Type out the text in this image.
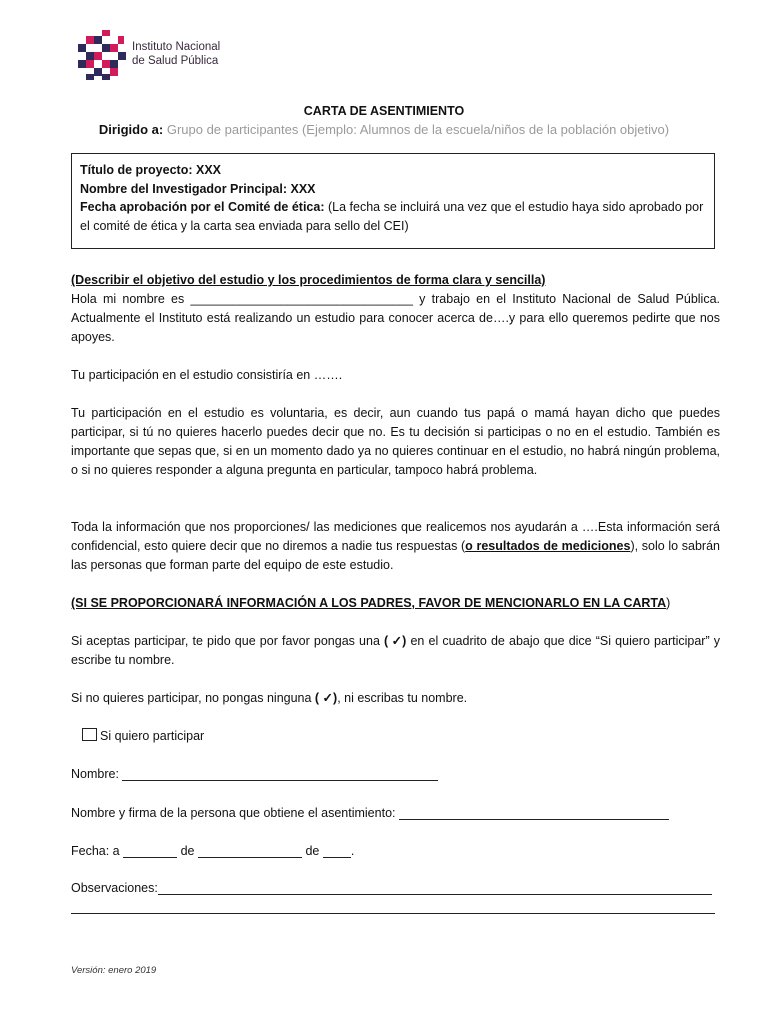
Instituto Nacional
de Salud Pública
CARTA DE ASENTIMIENTO
Dirigido a: Grupo de participantes (Ejemplo: Alumnos de la escuela/niños de la población objetivo)
Título de proyecto: XXX
Nombre del Investigador Principal: XXX
Fecha aprobación por el Comité de ética: (La fecha se incluirá una vez que el estudio haya sido aprobado por el comité de ética y la carta sea enviada para sello del CEI)
(Describir el objetivo del estudio y los procedimientos de forma clara y sencilla)
Hola mi nombre es ________________________________ y trabajo en el Instituto Nacional de Salud Pública. Actualmente el Instituto está realizando un estudio para conocer acerca de….y para ello queremos pedirte que nos apoyes.
Tu participación en el estudio consistiría en …….
Tu participación en el estudio es voluntaria, es decir, aun cuando tus papá o mamá hayan dicho que puedes participar, si tú no quieres hacerlo puedes decir que no. Es tu decisión si participas o no en el estudio. También es importante que sepas que, si en un momento dado ya no quieres continuar en el estudio, no habrá ningún problema, o si no quieres responder a alguna pregunta en particular, tampoco habrá problema.
Toda la información que nos proporciones/ las mediciones que realicemos nos ayudarán a ….Esta información será confidencial, esto quiere decir que no diremos a nadie tus respuestas (o resultados de mediciones), solo lo sabrán las personas que forman parte del equipo de este estudio.
(SI SE PROPORCIONARÁ INFORMACIÓN A LOS PADRES, FAVOR DE MENCIONARLO EN LA CARTA)
Si aceptas participar, te pido que por favor pongas una ( ✓) en el cuadrito de abajo que dice “Si quiero participar” y escribe tu nombre.
Si no quieres participar, no pongas ninguna ( ✓), ni escribas tu nombre.
Si quiero participar
Nombre:
Nombre y firma de la persona que obtiene el asentimiento:
Fecha: a	de	de .
Observaciones:
Versión: enero 2019
